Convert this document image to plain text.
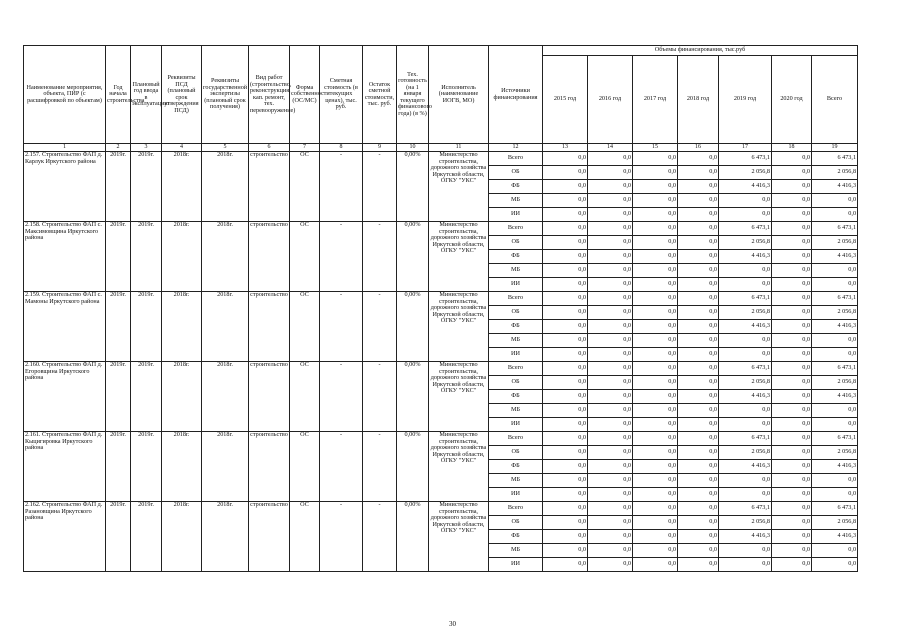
Наименование мероприятия, объекта, ПИР (с расшифровкой по объектам)	Год начала строительства	Плановый год ввода в эксплуатацию	Реквизиты ПСД (плановый срок утверждения ПСД)	Реквизиты государственной экспертизы (плановый срок получения)	Вид работ (строительство, реконструкция, кап. ремонт, тех. перевооружение)	Форма собственности (ОС/МС)	Сметная стоимость (в текущих ценах), тыс. руб.	Остаток сметной стоимости, тыс. руб.	Тех. готовность (на 1 января текущего финансового года) (в %)	Исполнитель (наименование ИОГВ, МО)	Источники финансирования	Объемы финансирования, тыс.руб						
												2015 год	2016 год	2017 год	2018 год	2019 год	2020 год	Всего
1	2	3	4	5	6	7	8	9	10	11	12	13	14	15	16	17	18	19
2.157. Строительство ФАП д. Карлук Иркутского района	2019г.	2019г.	2018г.	2018г.	строительство	ОС	-	-	0,00%	Министерство строительства, дорожного хозяйства Иркутской области, ОГКУ "УКС"	Всего	0,0	0,0	0,0	0,0	6 473,1	0,0	6 473,1
											ОБ	0,0	0,0	0,0	0,0	2 056,8	0,0	2 056,8
											ФБ	0,0	0,0	0,0	0,0	4 416,3	0,0	4 416,3
											МБ	0,0	0,0	0,0	0,0	0,0	0,0	0,0
											ИИ	0,0	0,0	0,0	0,0	0,0	0,0	0,0
2.158. Строительство ФАП с. Максимовщина Иркутского района	2019г.	2019г.	2018г.	2018г.	строительство	ОС	-	-	0,00%	Министерство строительства, дорожного хозяйства Иркутской области, ОГКУ "УКС"	Всего	0,0	0,0	0,0	0,0	6 473,1	0,0	6 473,1
											ОБ	0,0	0,0	0,0	0,0	2 056,8	0,0	2 056,8
											ФБ	0,0	0,0	0,0	0,0	4 416,3	0,0	4 416,3
											МБ	0,0	0,0	0,0	0,0	0,0	0,0	0,0
											ИИ	0,0	0,0	0,0	0,0	0,0	0,0	0,0
2.159. Строительство ФАП с. Мамоны Иркутского района	2019г.	2019г.	2018г.	2018г.	строительство	ОС	-	-	0,00%	Министерство строительства, дорожного хозяйства Иркутской области, ОГКУ "УКС"	Всего	0,0	0,0	0,0	0,0	6 473,1	0,0	6 473,1
											ОБ	0,0	0,0	0,0	0,0	2 056,8	0,0	2 056,8
											ФБ	0,0	0,0	0,0	0,0	4 416,3	0,0	4 416,3
											МБ	0,0	0,0	0,0	0,0	0,0	0,0	0,0
											ИИ	0,0	0,0	0,0	0,0	0,0	0,0	0,0
2.160. Строительство ФАП д. Егоровщина Иркутского района	2019г.	2019г.	2018г.	2018г.	строительство	ОС	-	-	0,00%	Министерство строительства, дорожного хозяйства Иркутской области, ОГКУ "УКС"	Всего	0,0	0,0	0,0	0,0	6 473,1	0,0	6 473,1
											ОБ	0,0	0,0	0,0	0,0	2 056,8	0,0	2 056,8
											ФБ	0,0	0,0	0,0	0,0	4 416,3	0,0	4 416,3
											МБ	0,0	0,0	0,0	0,0	0,0	0,0	0,0
											ИИ	0,0	0,0	0,0	0,0	0,0	0,0	0,0
2.161. Строительство ФАП д. Кыцигировка Иркутского района	2019г.	2019г.	2018г.	2018г.	строительство	ОС	-	-	0,00%	Министерство строительства, дорожного хозяйства Иркутской области, ОГКУ "УКС"	Всего	0,0	0,0	0,0	0,0	6 473,1	0,0	6 473,1
											ОБ	0,0	0,0	0,0	0,0	2 056,8	0,0	2 056,8
											ФБ	0,0	0,0	0,0	0,0	4 416,3	0,0	4 416,3
											МБ	0,0	0,0	0,0	0,0	0,0	0,0	0,0
											ИИ	0,0	0,0	0,0	0,0	0,0	0,0	0,0
2.162. Строительство ФАП д. Разановщина Иркутского района	2019г.	2019г.	2018г.	2018г.	строительство	ОС	-	-	0,00%	Министерство строительства, дорожного хозяйства Иркутской области, ОГКУ "УКС"	Всего	0,0	0,0	0,0	0,0	6 473,1	0,0	6 473,1
											ОБ	0,0	0,0	0,0	0,0	2 056,8	0,0	2 056,8
											ФБ	0,0	0,0	0,0	0,0	4 416,3	0,0	4 416,3
											МБ	0,0	0,0	0,0	0,0	0,0	0,0	0,0
											ИИ	0,0	0,0	0,0	0,0	0,0	0,0	0,0
30
